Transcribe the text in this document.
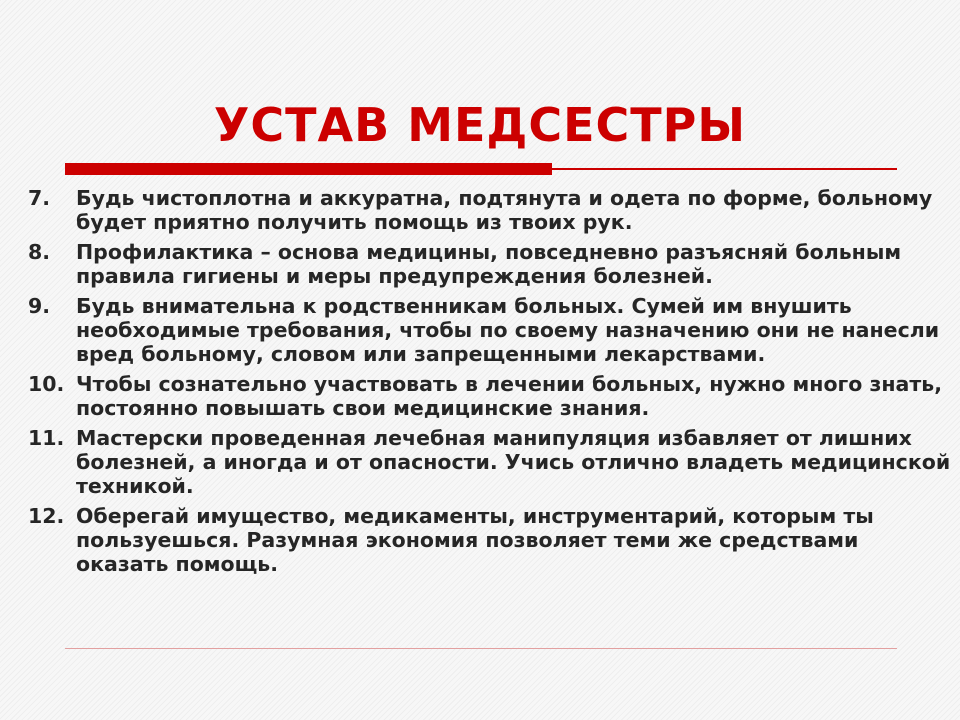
УСТАВ МЕДСЕСТРЫ
7.	Будь чистоплотна и аккуратна, подтянута и одета по форме, больному будет приятно получить помощь из твоих рук.
8.	Профилактика – основа медицины, повседневно разъясняй больным правила гигиены и меры предупреждения болезней.
9.	Будь внимательна к родственникам больных. Сумей им внушить необходимые требования, чтобы по своему назначению они не нанесли вред больному, словом или запрещенными лекарствами.
10. Чтобы сознательно участвовать в лечении больных, нужно много знать, постоянно повышать свои медицинские знания.
11. Мастерски проведенная лечебная манипуляция избавляет от лишних болезней, а иногда и от опасности. Учись отлично владеть медицинской техникой.
12. Оберегай имущество, медикаменты, инструментарий, которым ты пользуешься. Разумная экономия позволяет теми же средствами оказать помощь.
